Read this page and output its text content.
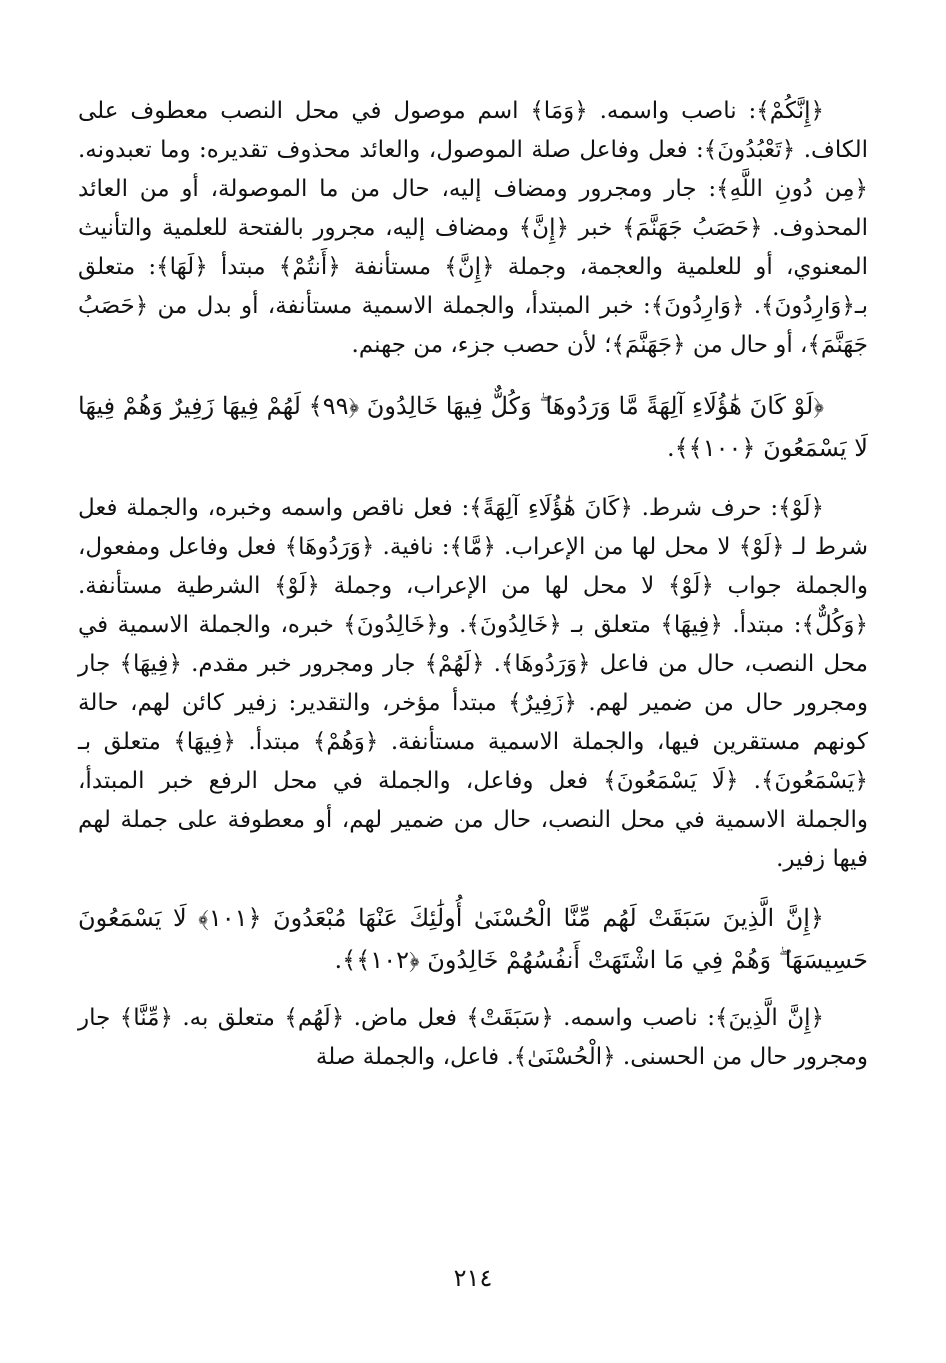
﴿إِنَّكُمْ﴾: ناصب واسمه. ﴿وَمَا﴾ اسم موصول في محل النصب معطوف على الكاف. ﴿تَعْبُدُونَ﴾: فعل وفاعل صلة الموصول، والعائد محذوف تقديره: وما تعبدونه. ﴿مِن دُونِ اللَّهِ﴾: جار ومجرور ومضاف إليه، حال من ما الموصولة، أو من العائد المحذوف. ﴿حَصَبُ جَهَنَّمَ﴾ خبر ﴿إِنَّ﴾ ومضاف إليه، مجرور بالفتحة للعلمية والتأنيث المعنوي، أو للعلمية والعجمة، وجملة ﴿إِنَّ﴾ مستأنفة ﴿أَنتُمْ﴾ مبتدأ ﴿لَهَا﴾: متعلق بـ﴿وَارِدُونَ﴾. ﴿وَارِدُونَ﴾: خبر المبتدأ، والجملة الاسمية مستأنفة، أو بدل من ﴿حَصَبُ جَهَنَّمَ﴾، أو حال من ﴿جَهَنَّمَ﴾؛ لأن حصب جزء، من جهنم.

﴿لَوْ كَانَ هَٰؤُلَاءِ آلِهَةً مَّا وَرَدُوهَا ۖ وَكُلٌّ فِيهَا خَالِدُونَ ﴿٩٩﴾ لَهُمْ فِيهَا زَفِيرٌ وَهُمْ فِيهَا لَا يَسْمَعُونَ ﴿١٠٠﴾﴾.

﴿لَوْ﴾: حرف شرط. ﴿كَانَ هَٰؤُلَاءِ آلِهَةً﴾: فعل ناقص واسمه وخبره، والجملة فعل شرط لـ ﴿لَوْ﴾ لا محل لها من الإعراب. ﴿مَّا﴾: نافية. ﴿وَرَدُوهَا﴾ فعل وفاعل ومفعول، والجملة جواب ﴿لَوْ﴾ لا محل لها من الإعراب، وجملة ﴿لَوْ﴾ الشرطية مستأنفة. ﴿وَكُلٌّ﴾: مبتدأ. ﴿فِيهَا﴾ متعلق بـ ﴿خَالِدُونَ﴾. و﴿خَالِدُونَ﴾ خبره، والجملة الاسمية في محل النصب، حال من فاعل ﴿وَرَدُوهَا﴾. ﴿لَهُمْ﴾ جار ومجرور خبر مقدم. ﴿فِيهَا﴾ جار ومجرور حال من ضمير لهم. ﴿زَفِيرٌ﴾ مبتدأ مؤخر، والتقدير: زفير كائن لهم، حالة كونهم مستقرين فيها، والجملة الاسمية مستأنفة. ﴿وَهُمْ﴾ مبتدأ. ﴿فِيهَا﴾ متعلق بـ ﴿يَسْمَعُونَ﴾. ﴿لَا يَسْمَعُونَ﴾ فعل وفاعل، والجملة في محل الرفع خبر المبتدأ، والجملة الاسمية في محل النصب، حال من ضمير لهم، أو معطوفة على جملة لهم فيها زفير.

﴿إِنَّ الَّذِينَ سَبَقَتْ لَهُم مِّنَّا الْحُسْنَىٰ أُولَٰئِكَ عَنْهَا مُبْعَدُونَ ﴿١٠١﴾ لَا يَسْمَعُونَ حَسِيسَهَا ۖ وَهُمْ فِي مَا اشْتَهَتْ أَنفُسُهُمْ خَالِدُونَ ﴿١٠٢﴾﴾.

﴿إِنَّ الَّذِينَ﴾: ناصب واسمه. ﴿سَبَقَتْ﴾ فعل ماض. ﴿لَهُم﴾ متعلق به. ﴿مِّنَّا﴾ جار ومجرور حال من الحسنى. ﴿الْحُسْنَىٰ﴾. فاعل، والجملة صلة

٢١٤
